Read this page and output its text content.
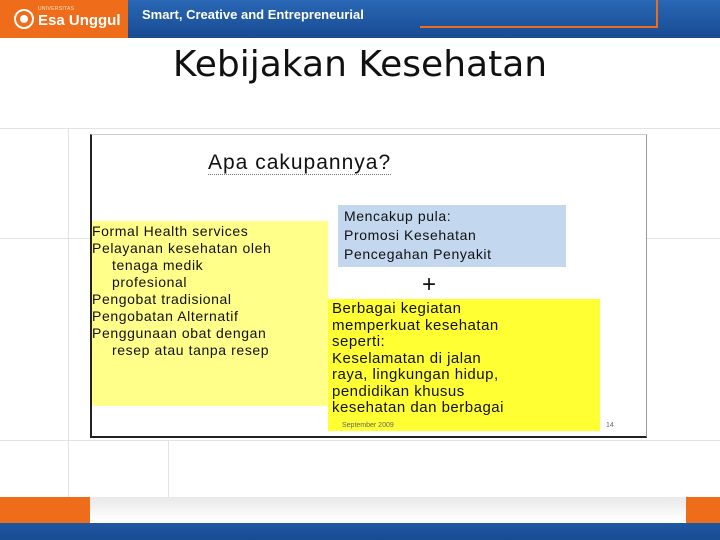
UNIVERSITAS
Esa Unggul Smart, Creative and Entrepreneurial
Kebijakan Kesehatan
Apa cakupannya?
Formal Health services
Pelayanan kesehatan oleh
tenaga medik
profesional
Pengobat tradisional
Pengobatan Alternatif
Penggunaan obat dengan
resep atau tanpa resep
Mencakup pula:
Promosi Kesehatan
Pencegahan Penyakit
+
Berbagai kegiatan
memperkuat kesehatan
seperti:
Keselamatan di jalan
raya, lingkungan hidup,
pendidikan khusus
kesehatan dan berbagai
September 2009	14
